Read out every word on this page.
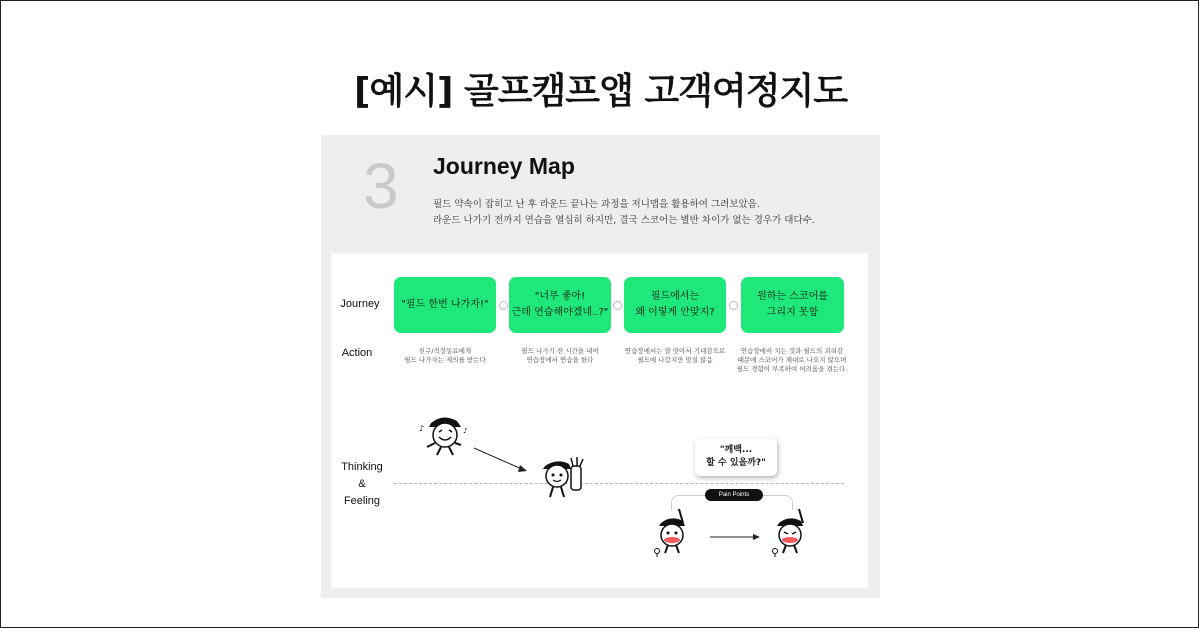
[예시] 골프캠프앱 고객여정지도
3 Journey Map
필드 약속이 잡히고 난 후 라운드 끝나는 과정을 저니맵을 활용하여 그려보았음.
라운드 나가기 전까지 연습을 열심히 하지만, 결국 스코어는 별반 차이가 없는 경우가 대다수.
Journey
Action
Thinking
&
Feeling
"필드 한번 나가자!"
"너무 좋아!
근데 연습해야겠네..?"
필드에서는
왜 이렇게 안맞지?
원하는 스코어를
그리지 못함
친구/직장동료에게
필드 나가자는 제의를 받는다
필드 나가기 전 시간을 내어
연습장에서 연습을 한다
연습장에서는 잘 맞아서 기대감으로
필드에 나갔지만 맞질 않음
연습장에서 치는 것과 필드의 괴리감
때문에 스코어가 제대로 나오지 않으며
필드 경험이 부족하여 어려움을 겪는다.
♪	♪
"깨백...
할 수 있을까?"
Pain Points
